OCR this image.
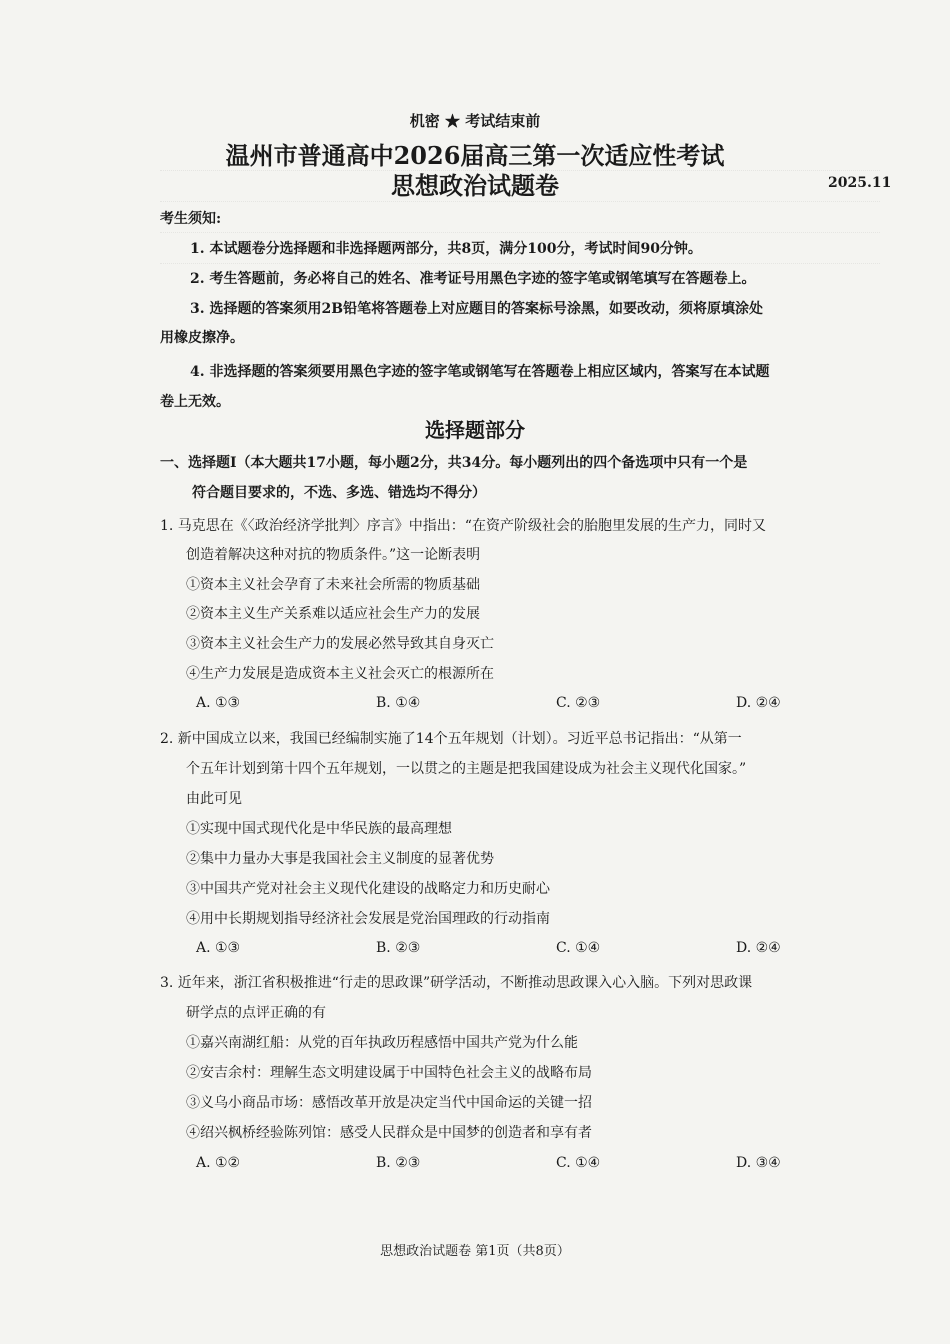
机密 ★ 考试结束前
温州市普通高中2026届高三第一次适应性考试
思想政治试题卷	2025.11
考生须知:
1. 本试题卷分选择题和非选择题两部分，共8页，满分100分，考试时间90分钟。
2. 考生答题前，务必将自己的姓名、准考证号用黑色字迹的签字笔或钢笔填写在答题卷上。
3. 选择题的答案须用2B铅笔将答题卷上对应题目的答案标号涂黑，如要改动，须将原填涂处
用橡皮擦净。
4. 非选择题的答案须要用黑色字迹的签字笔或钢笔写在答题卷上相应区域内，答案写在本试题
卷上无效。
选择题部分
一、选择题Ⅰ（本大题共17小题，每小题2分，共34分。每小题列出的四个备选项中只有一个是
符合题目要求的，不选、多选、错选均不得分）
1. 马克思在《〈政治经济学批判〉序言》中指出：“在资产阶级社会的胎胞里发展的生产力，同时又
创造着解决这种对抗的物质条件。”这一论断表明
①资本主义社会孕育了未来社会所需的物质基础
②资本主义生产关系难以适应社会生产力的发展
③资本主义社会生产力的发展必然导致其自身灭亡
④生产力发展是造成资本主义社会灭亡的根源所在
A. ①③	B. ①④	C. ②③	D. ②④
2. 新中国成立以来，我国已经编制实施了14个五年规划（计划）。习近平总书记指出：“从第一
个五年计划到第十四个五年规划，一以贯之的主题是把我国建设成为社会主义现代化国家。”
由此可见
①实现中国式现代化是中华民族的最高理想
②集中力量办大事是我国社会主义制度的显著优势
③中国共产党对社会主义现代化建设的战略定力和历史耐心
④用中长期规划指导经济社会发展是党治国理政的行动指南
A. ①③	B. ②③	C. ①④	D. ②④
3. 近年来，浙江省积极推进“行走的思政课”研学活动，不断推动思政课入心入脑。下列对思政课
研学点的点评正确的有
①嘉兴南湖红船：从党的百年执政历程感悟中国共产党为什么能
②安吉余村：理解生态文明建设属于中国特色社会主义的战略布局
③义乌小商品市场：感悟改革开放是决定当代中国命运的关键一招
④绍兴枫桥经验陈列馆：感受人民群众是中国梦的创造者和享有者
A. ①②	B. ②③	C. ①④	D. ③④
思想政治试题卷 第1页（共8页）
